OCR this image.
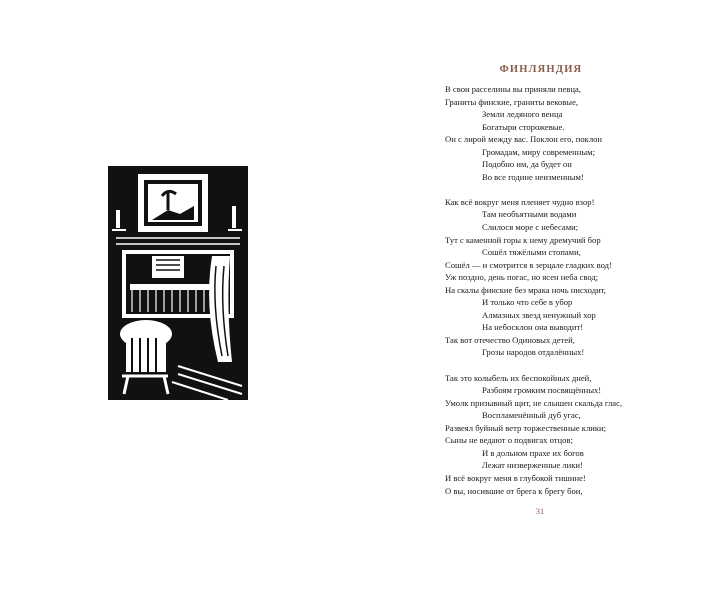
ФИНЛЯНДИЯ
В свои расселины вы приняли певца,
Граниты финские, граниты вековые,
Земли ледяного венца
Богатыри сторожевые.
Он с лирой между вас. Поклон его, поклон
Громадам, миру современным;
Подобно им, да будет он
Во все године неизменным!
Как всё вокруг меня пленяет чудно взор!
Там необъятными водами
Слилося море с небесами;
Тут с каменной горы к нему дремучий бор
Сошёл тяжёлыми стопами,
Сошёл — и смотрится в зерцале гладких вод!
Уж поздно, день погас, но ясен неба свод;
На скалы финские без мрака ночь нисходит,
И только что себе в убор
Алмазных звезд ненужный хор
На небосклон она выводит!
Так вот отечество Одиновых детей,
Грозы народов отдалённых!
Так это колыбель их беспокойных дней,
Разбоям громким посвящённых!
Умолк призывный щит, не слышен скальда глас,
Воспламенённый дуб угас,
Развеял буйный ветр торжественные клики;
Сыны не ведают о подвигах отцов;
И в дольном прахе их богов
Лежат низверженные лики!
И всё вокруг меня в глубокой тишине!
О вы, носившие от брега к брегу бои,
31
